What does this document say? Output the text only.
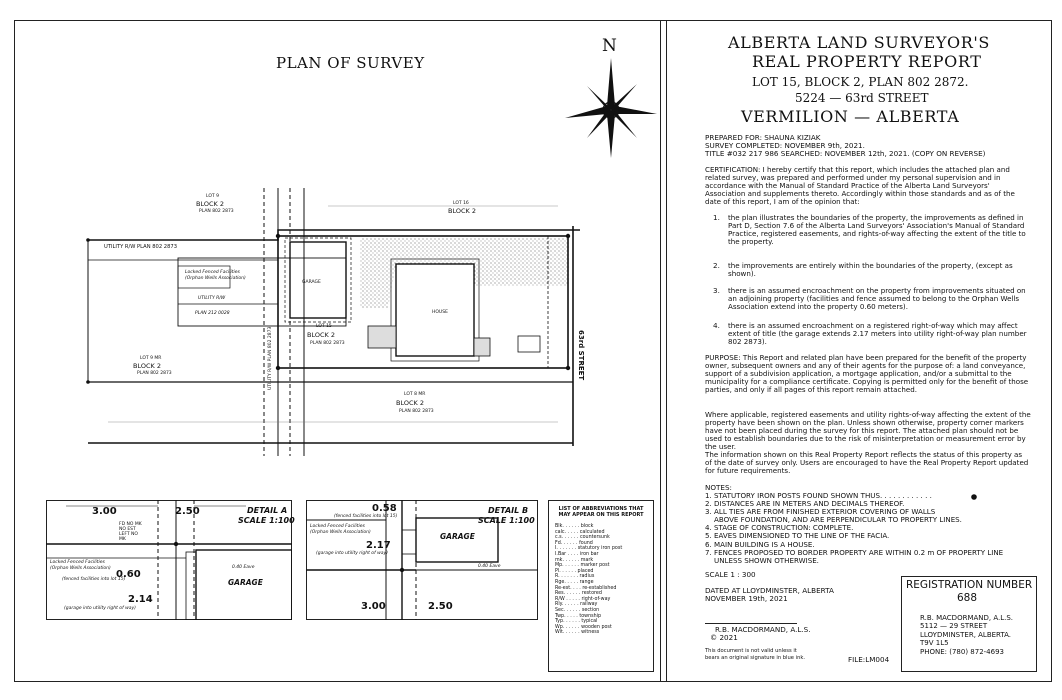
PLAN OF SURVEY
N
LOT 9
BLOCK 2
PLAN 802 2873
LOT 16
BLOCK 2
UTILITY R/W PLAN 802 2873
Locked Fenced Facilities
(Orphan Wells Association)
UTILITY R/W
PLAN 212 0028
GARAGE
HOUSE
LOT 15
BLOCK 2
PLAN 802 2873
LOT 9 MR
BLOCK 2
PLAN 802 2873
LOT 8 MR
BLOCK 2
PLAN 802 2873
UTILITY R/W PLAN 802 2873	63rd STREET
DETAIL A
SCALE 1:100
3.00	2.50
FD NO MK
NO EST
LEFT NO
MK
Locked Fenced Facilities
(Orphan Wells Association)
0.60
(fenced facilities into lot 15)
2.14
(garage into utility right of way)
0.40 Eave
GARAGE
0.58
(fenced facilities into lot 15)
DETAIL B
SCALE 1:100
Locked Fenced Facilities
(Orphan Wells Association)	GARAGE
2.17
(garage into utility right of way)
0.40 Eave
3.00	2.50
LIST OF ABBREVIATIONS THAT
MAY APPEAR ON THIS REPORT
Blk. . . . . . block
calc. . . . . calculated
c.s. . . . . . countersunk
Fd. . . . . . found
I. . . . . . . statutory iron post
I.Bar . . . . iron bar
mk. . . . . . mark
Mp. . . . . . marker post
Pl. . . . . . placed
R. . . . . . . radius
Rge. . . . . range
Re-est. . . . re-established
Res. . . . . . restored
R/W . . . . . right-of-way
Rly. . . . . . railway
Sec. . . . . . section
Twp. . . . . township
Typ. . . . . . typical
Wp. . . . . . wooden post
Wit. . . . . . witness
ALBERTA LAND SURVEYOR'S
REAL PROPERTY REPORT
LOT 15, BLOCK 2, PLAN 802 2872.
5224 — 63rd STREET
VERMILION — ALBERTA
PREPARED FOR: SHAUNA KIZIAK
SURVEY COMPLETED: NOVEMBER 9th, 2021.
TITLE #032 217 986 SEARCHED: NOVEMBER 12th, 2021. (COPY ON REVERSE)
CERTIFICATION: I hereby certify that this report, which includes the attached plan and related survey, was prepared and performed under my personal supervision and in accordance with the Manual of Standard Practice of the Alberta Land Surveyors' Association and supplements thereto. Accordingly within those standards and as of the date of this report, I am of the opinion that:
1. the plan illustrates the boundaries of the property, the improvements as defined in Part D, Section 7.6 of the Alberta Land Surveyors' Association's Manual of Standard Practice, registered easements, and rights-of-way affecting the extent of the title to the property.
2. the improvements are entirely within the boundaries of the property, (except as shown).
3. there is an assumed encroachment on the property from improvements situated on an adjoining property (facilities and fence assumed to belong to the Orphan Wells Association extend into the property 0.60 meters).
4. there is an assumed encroachment on a registered right-of-way which may affect extent of title (the garage extends 2.17 meters into utility right-of-way plan number 802 2873).
PURPOSE: This Report and related plan have been prepared for the benefit of the property owner, subsequent owners and any of their agents for the purpose of: a land conveyance, support of a subdivision application, a mortgage application, and/or a submittal to the municipality for a compliance certificate. Copying is permitted only for the benefit of those parties, and only if all pages of this report remain attached.
Where applicable, registered easements and utility rights-of-way affecting the extent of the property have been shown on the plan. Unless shown otherwise, property corner markers have not been placed during the survey for this report. The attached plan should not be used to establish boundaries due to the risk of misinterpretation or measurement error by the user.
The information shown on this Real Property Report reflects the status of this property as of the date of survey only. Users are encouraged to have the Real Property Report updated for future requirements.
NOTES:
1. STATUTORY IRON POSTS FOUND SHOWN THUS. . . . . . . . . . . .
2. DISTANCES ARE IN METERS AND DECIMALS THEREOF.
3. ALL TIES ARE FROM FINISHED EXTERIOR COVERING OF WALLS
ABOVE FOUNDATION, AND ARE PERPENDICULAR TO PROPERTY LINES.
4. STAGE OF CONSTRUCTION: COMPLETE.
5. EAVES DIMENSIONED TO THE LINE OF THE FACIA.
6. MAIN BUILDING IS A HOUSE.
7. FENCES PROPOSED TO BORDER PROPERTY ARE WITHIN 0.2 m OF PROPERTY LINE
UNLESS SHOWN OTHERWISE.
SCALE 1 : 300
DATED AT LLOYDMINSTER, ALBERTA
NOVEMBER 19th, 2021
R.B. MACDORMAND, A.L.S.
© 2021
This document is not valid unless it
bears an original signature in blue ink.	FILE:LM004
REGISTRATION NUMBER
688
R.B. MACDORMAND, A.L.S.
5112 — 29 STREET
LLOYDMINSTER, ALBERTA.
T9V 1L5
PHONE: (780) 872-4693
